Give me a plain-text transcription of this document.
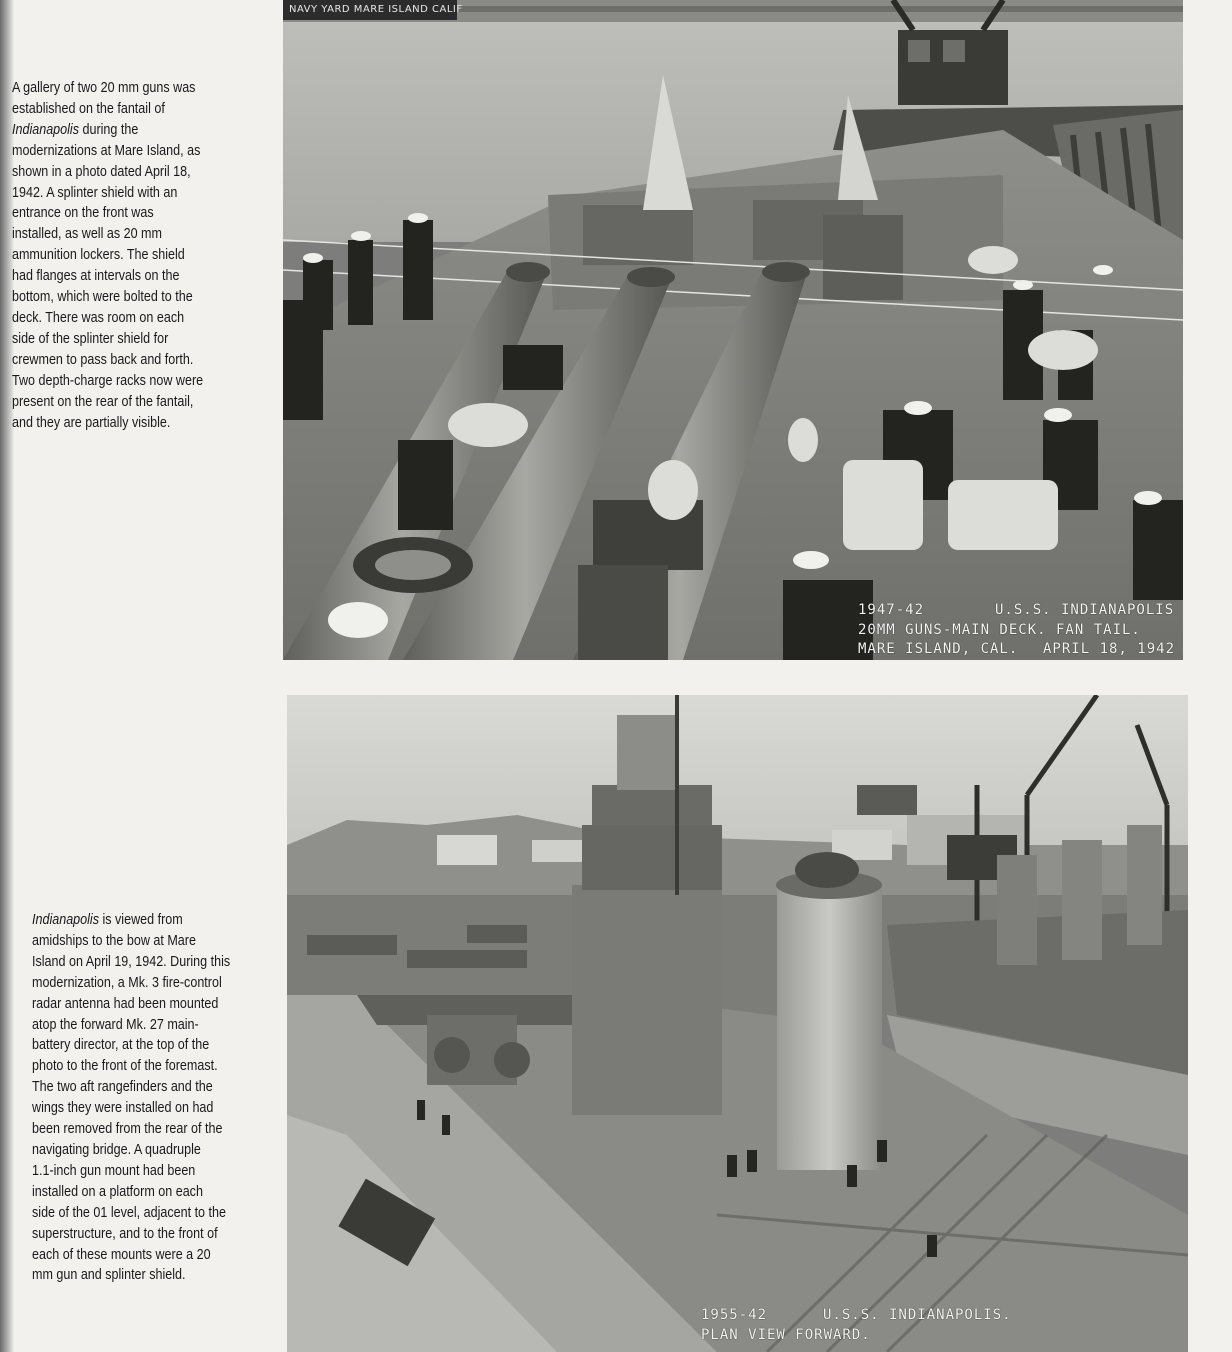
A gallery of two 20 mm guns was
established on the fantail of
Indianapolis during the
modernizations at Mare Island, as
shown in a photo dated April 18,
1942. A splinter shield with an
entrance on the front was
installed, as well as 20 mm
ammunition lockers. The shield
had flanges at intervals on the
bottom, which were bolted to the
deck. There was room on each
side of the splinter shield for
crewmen to pass back and forth.
Two depth-charge racks now were
present on the rear of the fantail,
and they are partially visible.
Indianapolis is viewed from
amidships to the bow at Mare
Island on April 19, 1942. During this
modernization, a Mk. 3 fire-control
radar antenna had been mounted
atop the forward Mk. 27 main-
battery director, at the top of the
photo to the front of the foremast.
The two aft rangefinders and the
wings they were installed on had
been removed from the rear of the
navigating bridge. A quadruple
1.1-inch gun mount had been
installed on a platform on each
side of the 01 level, adjacent to the
superstructure, and to the front of
each of these mounts were a 20
mm gun and splinter shield.
1947-42	U.S.S. INDIANAPOLIS
20MM GUNS-MAIN DECK. FAN TAIL.
MARE ISLAND, CAL. APRIL 18, 1942
NAVY YARD MARE ISLAND CALIF
1955-42	U.S.S. INDIANAPOLIS.
PLAN VIEW FORWARD.
